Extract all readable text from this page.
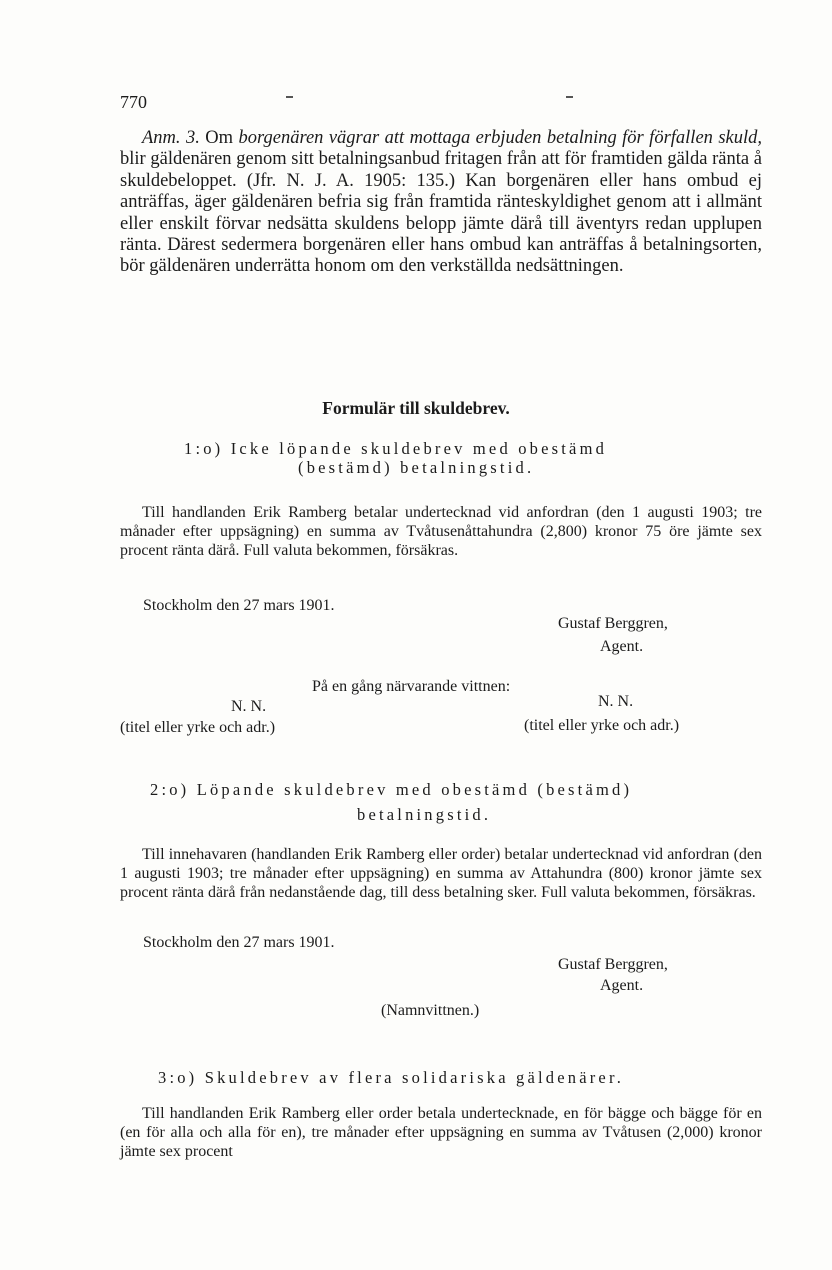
770
Anm. 3. Om borgenären vägrar att mottaga erbjuden betalning för förfallen skuld, blir gäldenären genom sitt betalningsanbud fritagen från att för framtiden gälda ränta å skuldebeloppet. (Jfr. N. J. A. 1905: 135.) Kan borgenären eller hans ombud ej anträffas, äger gäldenären befria sig från framtida ränteskyldighet genom att i allmänt eller enskilt förvar nedsätta skuldens belopp jämte därå till äventyrs redan upplupen ränta. Därest sedermera borgenären eller hans ombud kan anträffas å betalningsorten, bör gäldenären underrätta honom om den verkställda nedsättningen.
Formulär till skuldebrev.
1:o) Icke löpande skuldebrev med obestämd
(bestämd) betalningstid.
Till handlanden Erik Ramberg betalar undertecknad vid anfordran (den 1 augusti 1903; tre månader efter uppsägning) en summa av Tvåtusenåttahundra (2,800) kronor 75 öre jämte sex procent ränta därå. Full valuta bekommen, försäkras.
Stockholm den 27 mars 1901.
Gustaf Berggren,
Agent.
På en gång närvarande vittnen:
N. N.
(titel eller yrke och adr.)
N. N.
(titel eller yrke och adr.)
2:o) Löpande skuldebrev med obestämd (bestämd)
betalningstid.
Till innehavaren (handlanden Erik Ramberg eller order) betalar undertecknad vid anfordran (den 1 augusti 1903; tre månader efter uppsägning) en summa av Attahundra (800) kronor jämte sex procent ränta därå från nedanstående dag, till dess betalning sker. Full valuta bekommen, försäkras.
Stockholm den 27 mars 1901.
Gustaf Berggren,
Agent.
(Namnvittnen.)
3:o) Skuldebrev av flera solidariska gäldenärer.
Till handlanden Erik Ramberg eller order betala undertecknade, en för bägge och bägge för en (en för alla och alla för en), tre månader efter uppsägning en summa av Tvåtusen (2,000) kronor jämte sex procent
